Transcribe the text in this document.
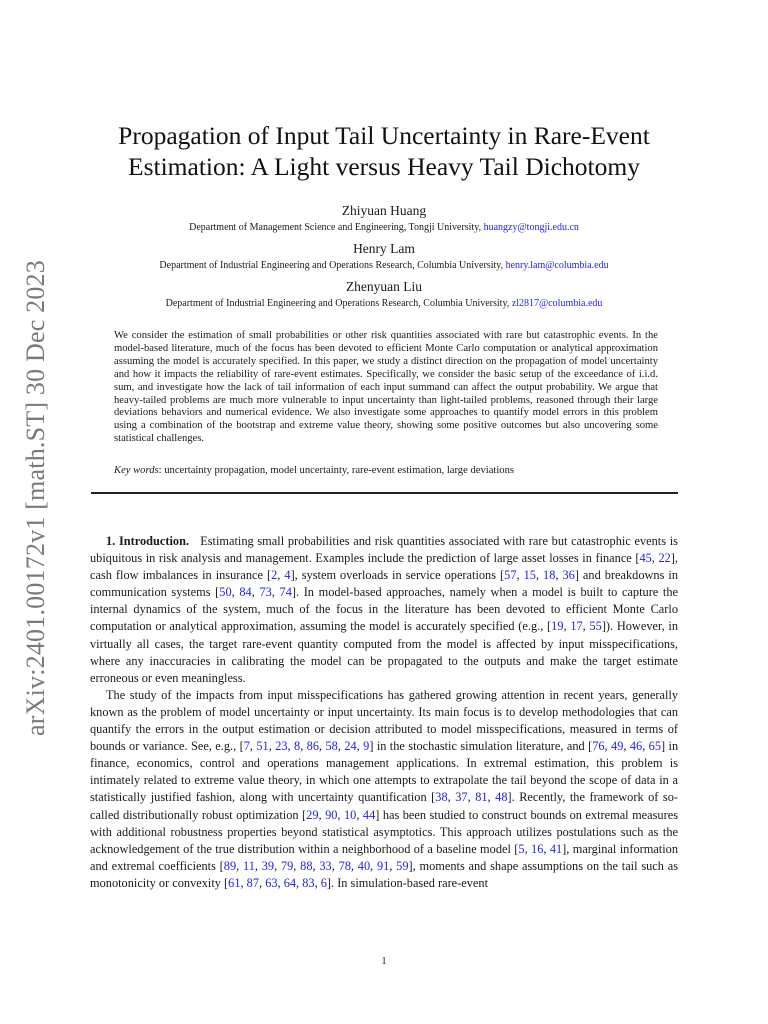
arXiv:2401.00172v1 [math.ST] 30 Dec 2023
Propagation of Input Tail Uncertainty in Rare-Event
Estimation: A Light versus Heavy Tail Dichotomy
Zhiyuan Huang
Department of Management Science and Engineering, Tongji University, huangzy@tongji.edu.cn
Henry Lam
Department of Industrial Engineering and Operations Research, Columbia University, henry.lam@columbia.edu
Zhenyuan Liu
Department of Industrial Engineering and Operations Research, Columbia University, zl2817@columbia.edu

We consider the estimation of small probabilities or other risk quantities associated with rare but catastrophic events. In the model-based literature, much of the focus has been devoted to efficient Monte Carlo computation or analytical approximation assuming the model is accurately specified. In this paper, we study a distinct direction on the propagation of model uncertainty and how it impacts the reliability of rare-event estimates. Specifically, we consider the basic setup of the exceedance of i.i.d. sum, and investigate how the lack of tail information of each input summand can affect the output probability. We argue that heavy-tailed problems are much more vulnerable to input uncertainty than light-tailed problems, reasoned through their large deviations behaviors and numerical evidence. We also investigate some approaches to quantify model errors in this problem using a combination of the bootstrap and extreme value theory, showing some positive outcomes but also uncovering some statistical challenges.

Key words: uncertainty propagation, model uncertainty, rare-event estimation, large deviations

1. Introduction. Estimating small probabilities and risk quantities associated with rare but catastrophic events is ubiquitous in risk analysis and management. Examples include the prediction of large asset losses in finance [45, 22], cash flow imbalances in insurance [2, 4], system overloads in service operations [57, 15, 18, 36] and breakdowns in communication systems [50, 84, 73, 74]. In model-based approaches, namely when a model is built to capture the internal dynamics of the system, much of the focus in the literature has been devoted to efficient Monte Carlo computation or analytical approximation, assuming the model is accurately specified (e.g., [19, 17, 55]). However, in virtually all cases, the target rare-event quantity computed from the model is affected by input misspecifications, where any inaccuracies in calibrating the model can be propagated to the outputs and make the target estimate erroneous or even meaningless.

The study of the impacts from input misspecifications has gathered growing attention in recent years, generally known as the problem of model uncertainty or input uncertainty. Its main focus is to develop methodologies that can quantify the errors in the output estimation or decision attributed to model misspecifications, measured in terms of bounds or variance. See, e.g., [7, 51, 23, 8, 86, 58, 24, 9] in the stochastic simulation literature, and [76, 49, 46, 65] in finance, economics, control and operations management applications. In extremal estimation, this problem is intimately related to extreme value theory, in which one attempts to extrapolate the tail beyond the scope of data in a statistically justified fashion, along with uncertainty quantification [38, 37, 81, 48]. Recently, the framework of so-called distributionally robust optimization [29, 90, 10, 44] has been studied to construct bounds on extremal measures with additional robustness properties beyond statistical asymptotics. This approach utilizes postulations such as the acknowledgement of the true distribution within a neighborhood of a baseline model [5, 16, 41], marginal information and extremal coefficients [89, 11, 39, 79, 88, 33, 78, 40, 91, 59], moments and shape assumptions on the tail such as monotonicity or convexity [61, 87, 63, 64, 83, 6]. In simulation-based rare-event

1
